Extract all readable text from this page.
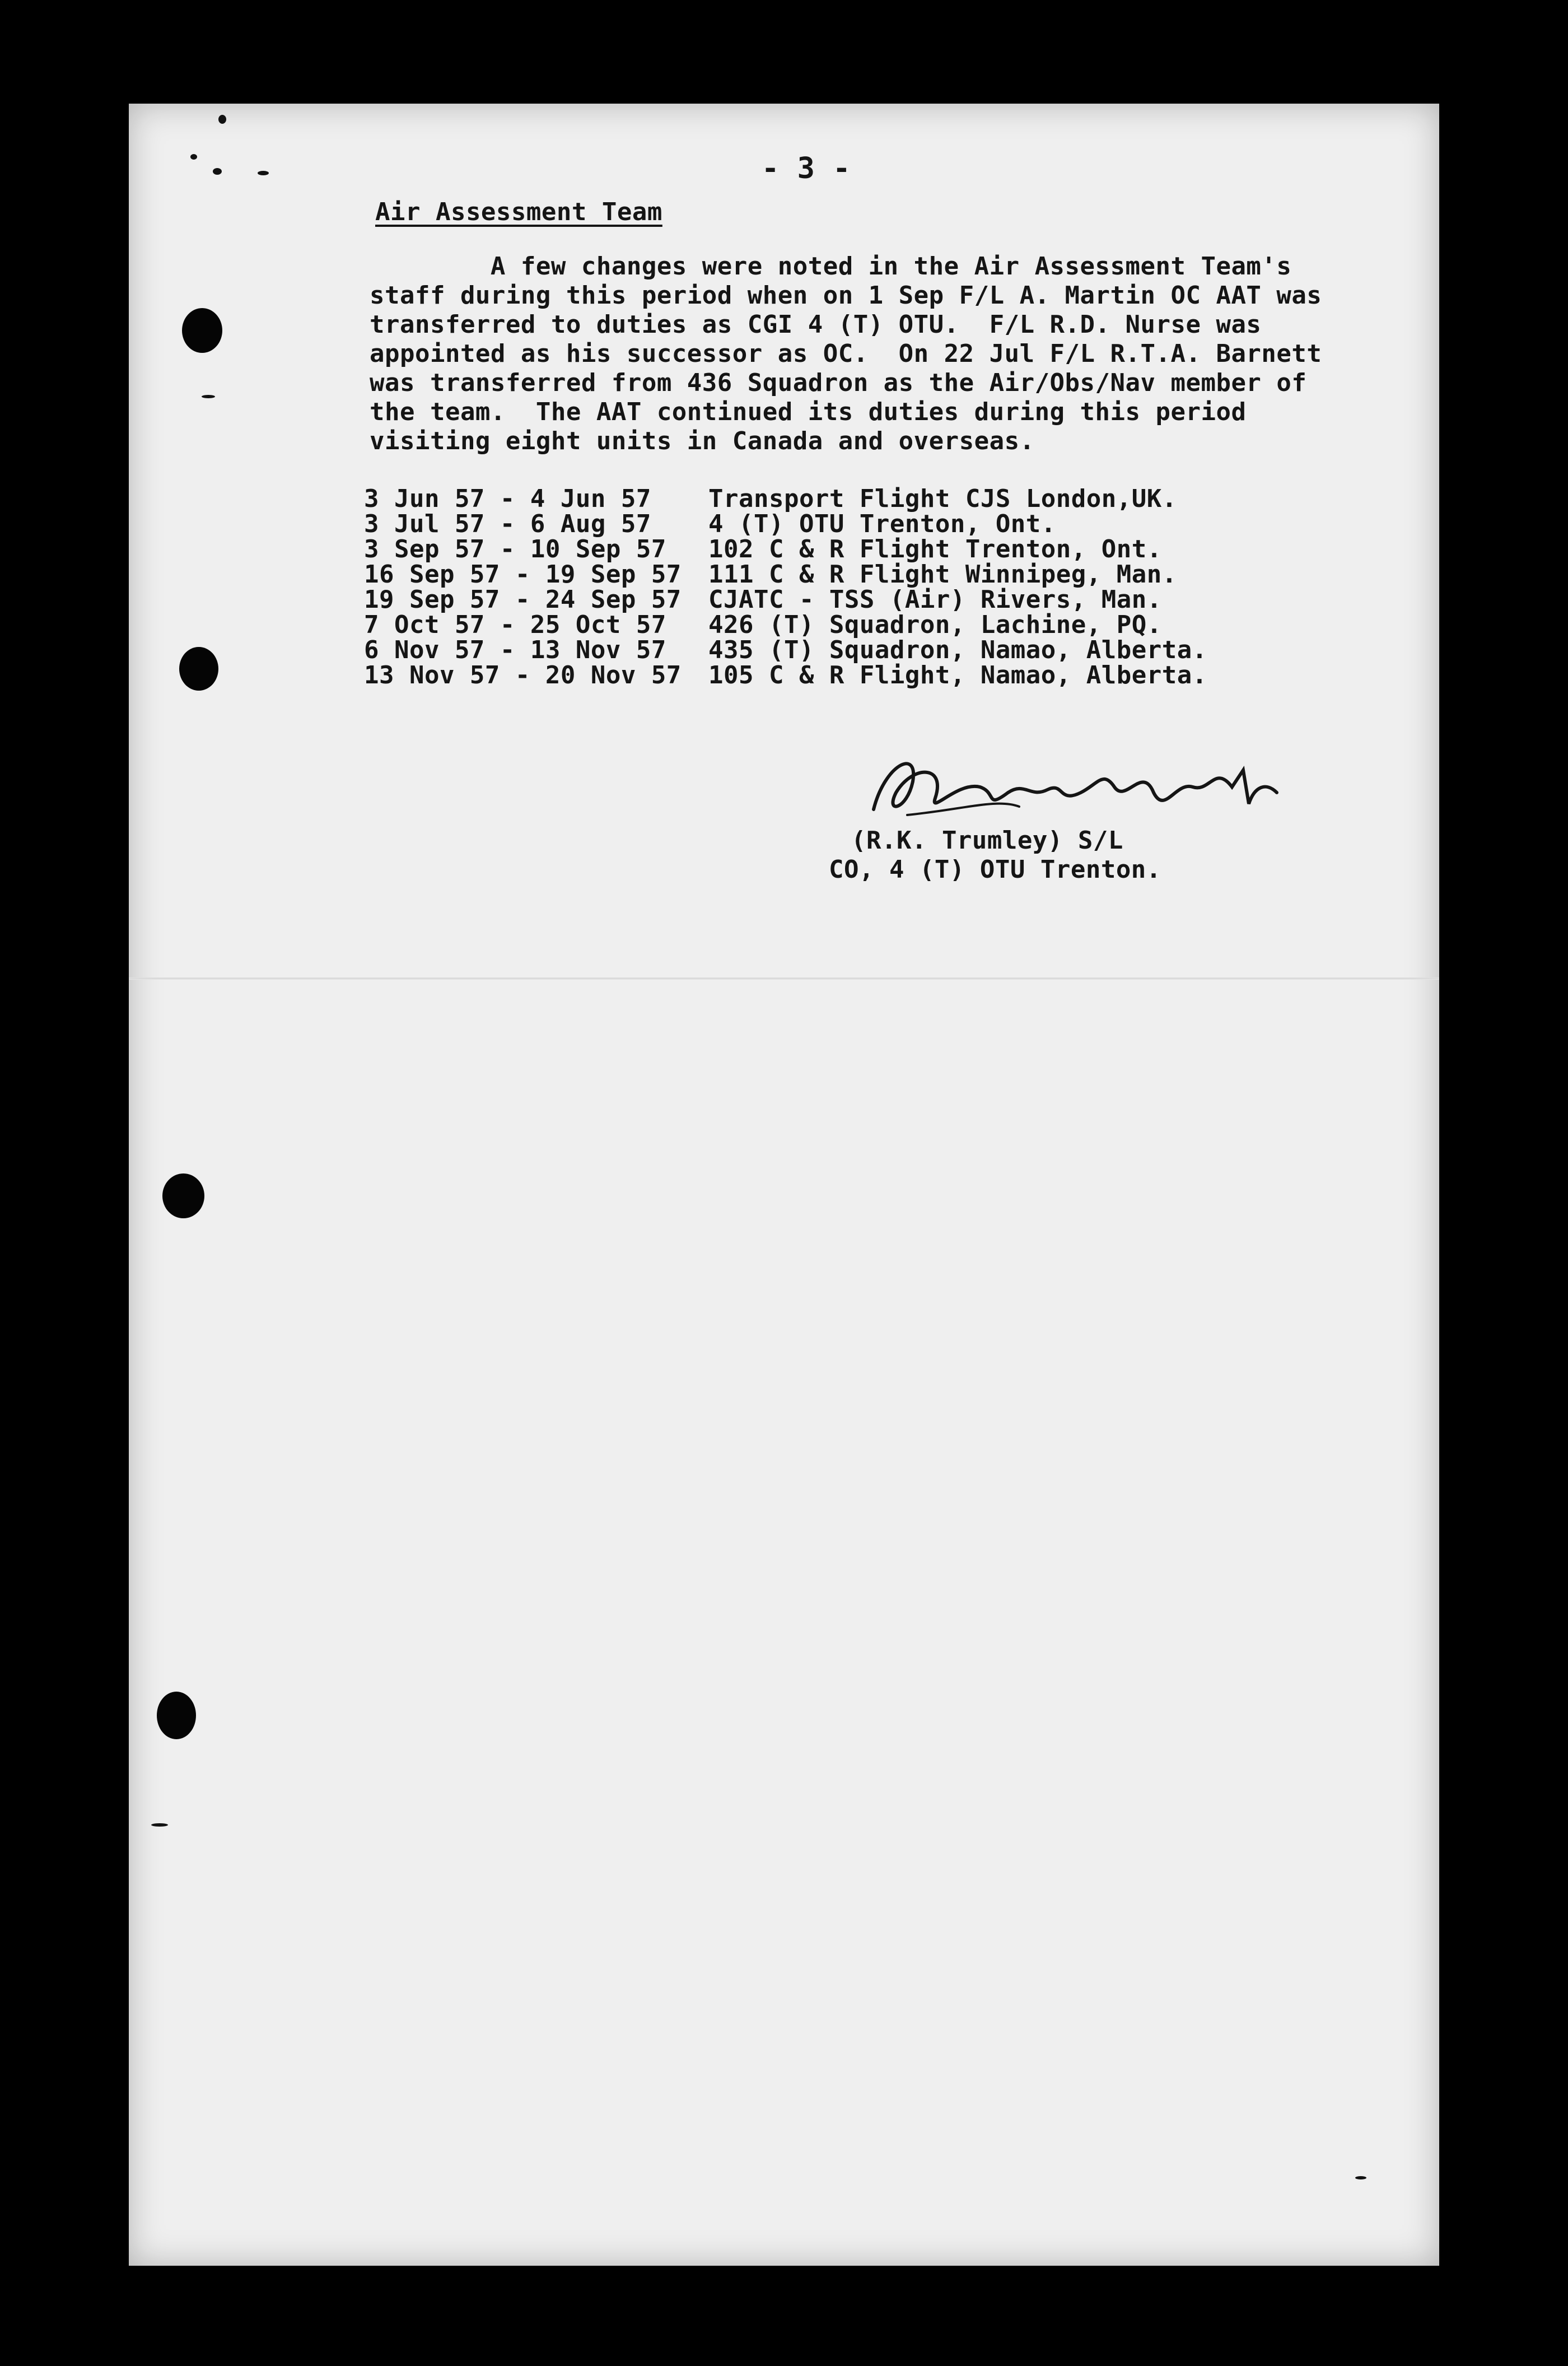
- 3 -
Air Assessment Team
A few changes were noted in the Air Assessment Team's
staff during this period when on 1 Sep F/L A. Martin OC AAT was
transferred to duties as CGI 4 (T) OTU.  F/L R.D. Nurse was
appointed as his successor as OC.  On 22 Jul F/L R.T.A. Barnett
was transferred from 436 Squadron as the Air/Obs/Nav member of
the team.  The AAT continued its duties during this period
visiting eight units in Canada and overseas.
3 Jun 57 - 4 Jun 57 Transport Flight CJS London,UK.
3 Jul 57 - 6 Aug 57 4 (T) OTU Trenton, Ont.
3 Sep 57 - 10 Sep 57 102 C & R Flight Trenton, Ont.
16 Sep 57 - 19 Sep 57 111 C & R Flight Winnipeg, Man.
19 Sep 57 - 24 Sep 57 CJATC - TSS (Air) Rivers, Man.
7 Oct 57 - 25 Oct 57 426 (T) Squadron, Lachine, PQ.
6 Nov 57 - 13 Nov 57 435 (T) Squadron, Namao, Alberta.
13 Nov 57 - 20 Nov 57 105 C & R Flight, Namao, Alberta.
(R.K. Trumley) S/L
CO, 4 (T) OTU Trenton.
